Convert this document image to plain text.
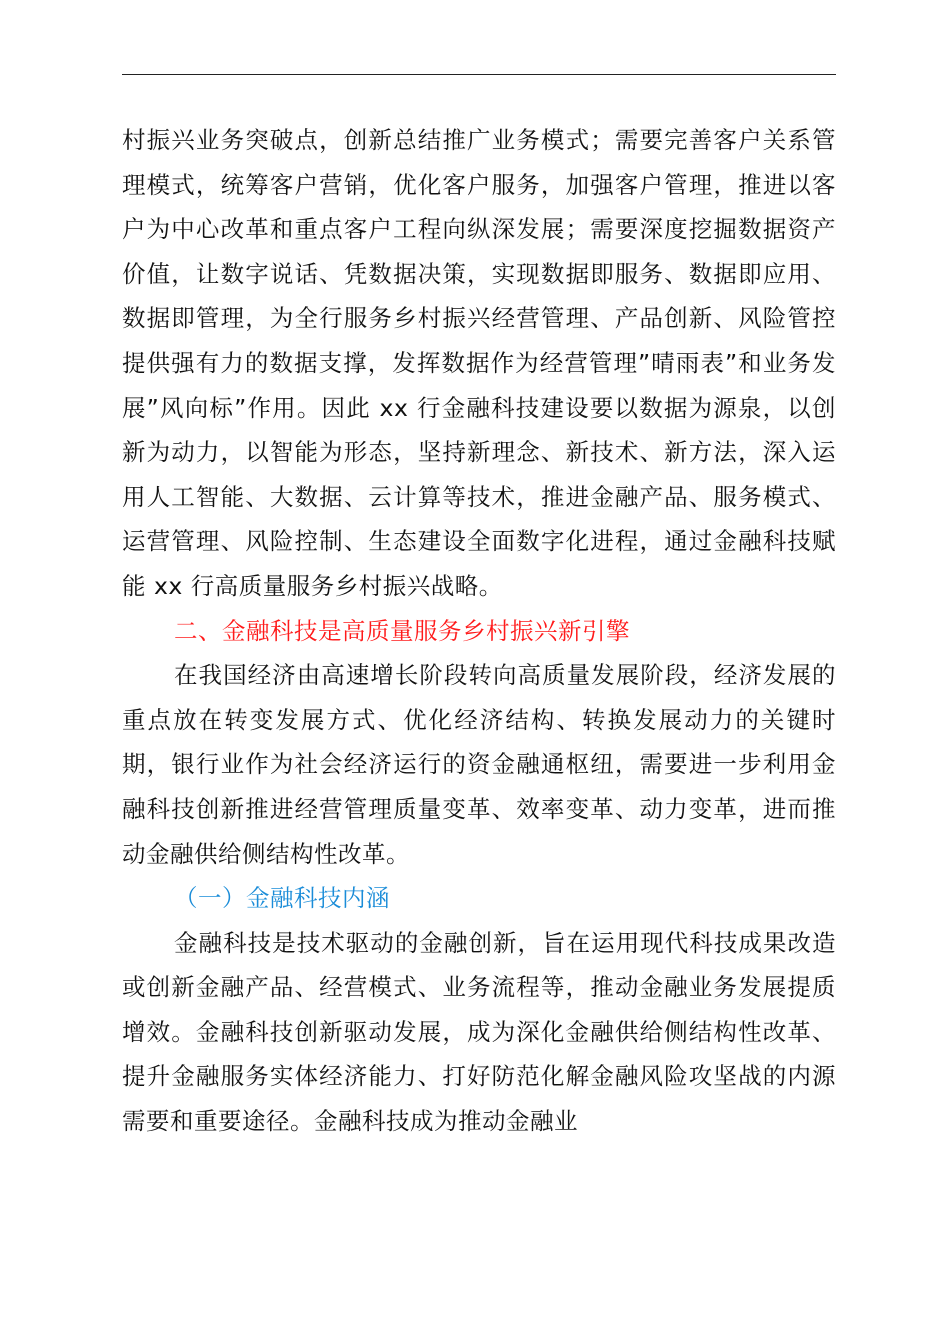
村振兴业务突破点，创新总结推广业务模式；需要完善客户关系管理模式，统筹客户营销，优化客户服务，加强客户管理，推进以客户为中心改革和重点客户工程向纵深发展；需要深度挖掘数据资产价值，让数字说话、凭数据决策，实现数据即服务、数据即应用、数据即管理，为全行服务乡村振兴经营管理、产品创新、风险管控提供强有力的数据支撑，发挥数据作为经营管理”晴雨表”和业务发展”风向标”作用。因此 xx 行金融科技建设要以数据为源泉，以创新为动力，以智能为形态，坚持新理念、新技术、新方法，深入运用人工智能、大数据、云计算等技术，推进金融产品、服务模式、运营管理、风险控制、生态建设全面数字化进程，通过金融科技赋能 xx 行高质量服务乡村振兴战略。

二、金融科技是高质量服务乡村振兴新引擎

在我国经济由高速增长阶段转向高质量发展阶段，经济发展的重点放在转变发展方式、优化经济结构、转换发展动力的关键时期，银行业作为社会经济运行的资金融通枢纽，需要进一步利用金融科技创新推进经营管理质量变革、效率变革、动力变革，进而推动金融供给侧结构性改革。

（一）金融科技内涵

金融科技是技术驱动的金融创新，旨在运用现代科技成果改造或创新金融产品、经营模式、业务流程等，推动金融业务发展提质增效。金融科技创新驱动发展，成为深化金融供给侧结构性改革、提升金融服务实体经济能力、打好防范化解金融风险攻坚战的内源需要和重要途径。金融科技成为推动金融业
